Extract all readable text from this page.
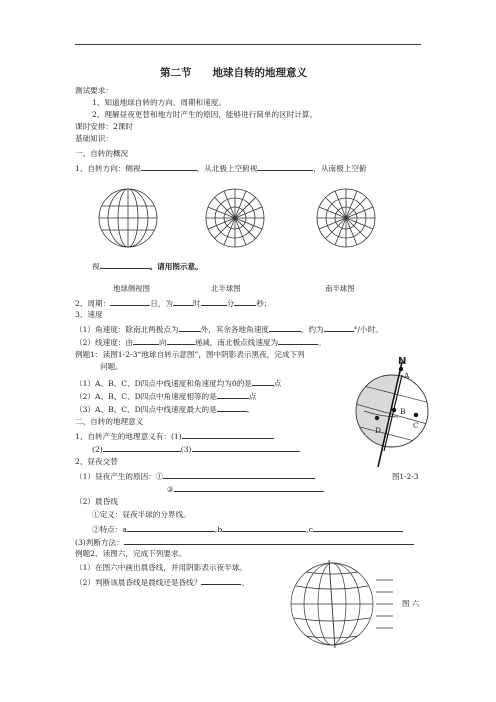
第二节　　地球自转的地理意义
测试要求：
1、知道地球自转的方向、周期和速度。
2、理解昼夜更替和地方时产生的原因，能够进行简单的区时计算。
课时安排：2课时
基础知识：
一、自转的概况
1、自转方向：侧视	，从北极上空俯视	，从南极上空俯
视	。请用图示意。
地球侧视图	北半球图	南半球图
2、周期：	日，为	时	分	秒；
3、速度
（1）角速度：除南北两极点为	外，其余各地角速度	，约为	°/小时。
（2）线速度：由	向	递减，南北极点线速度为	。
例题1：读图1-2-3“地球自转示意图”，图中阴影表示黑夜，完成下列
问题。
（1）A、B、C、D四点中线速度和角速度均为0的是	点
（2）A、B、C、D四点中角速度相等的是	点
（3）A、B、C、D四点中线速度最大的是	。
N
A
B
C
D
图1-2-3
二、自转的地理意义
1、自转产生的地理意义有：(1)
(2)	(3)
2、昼夜交替
（1）昼夜产生的原因：①
②
（2）晨昏线
①定义：昼夜半球的分界线。
②特点：a	,b	,c
(3)判断方法：
例题2、读图六，完成下列要求。
（1）在图六中画出晨昏线，并用阴影表示夜半球。
（2）判断该晨昏线是晨线还是昏线？	。
图 六
